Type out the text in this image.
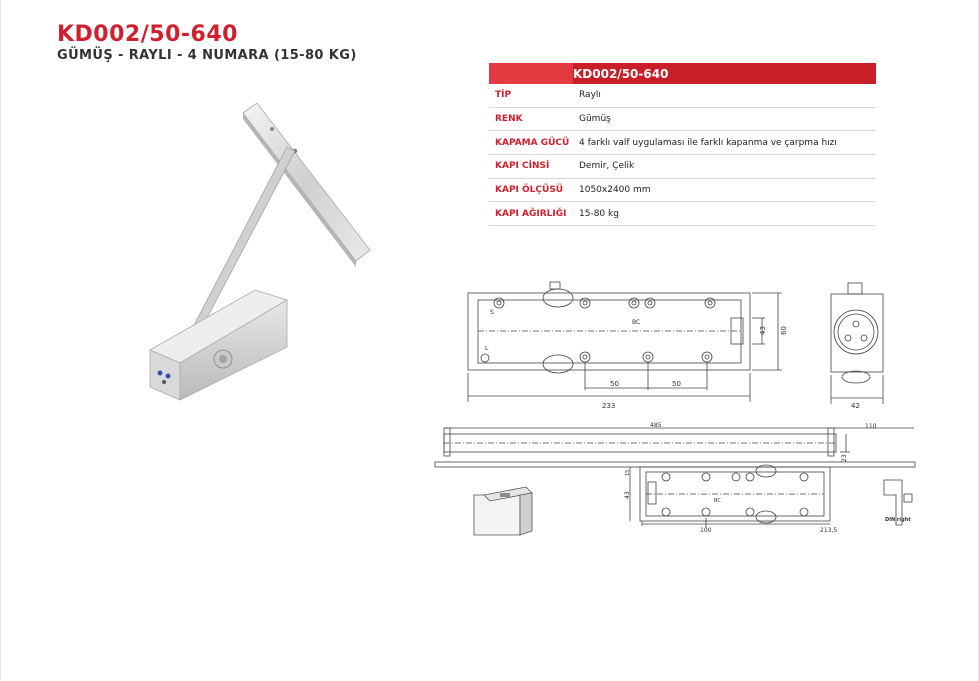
KD002/50-640
GÜMÜŞ - RAYLI - 4 NUMARA (15-80 KG)
	KD002/50-640
TİP	Raylı
RENK	Gümüş
KAPAMA GÜCÜ	4 farklı valf uygulaması ile farklı kapanma ve çarpma hızı
KAPI CİNSİ	Demir, Çelik
KAPI ÖLÇÜSÜ	1050x2400 mm
KAPI AĞIRLIĞI	15-80 kg
S
L
BC
233
50	50
43 60
42
485	110
23
15
43
BC
100	213,5
DIN right
